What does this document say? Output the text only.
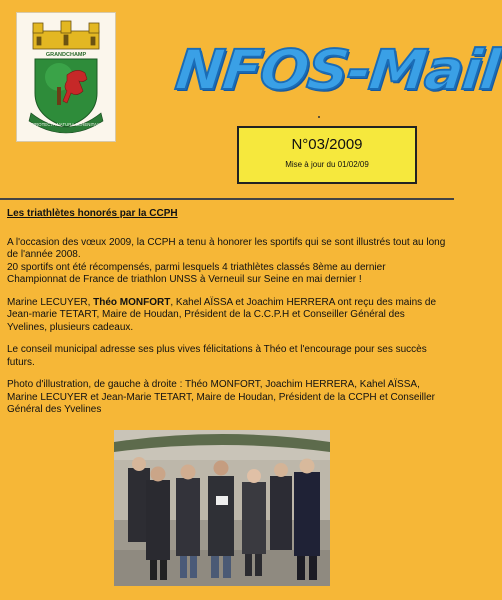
GRANDCHAMP
PROTECTA NATURA SERENITAS
NFOS-Mail
N°03/2009
Mise à jour du 01/02/09
Les triathlètes honorés par la CCPH

A l'occasion des vœux 2009, la CCPH a tenu à honorer les sportifs qui se sont illustrés tout au long de l'année 2008.
20 sportifs ont été récompensés, parmi lesquels 4 triathlètes classés 8ème au dernier Championnat de France de triathlon UNSS à Verneuil sur Seine en mai dernier !

Marine LECUYER, Théo MONFORT, Kahel AÏSSA et Joachim HERRERA ont reçu des mains de Jean-marie TETART, Maire de Houdan, Président de la C.C.P.H et Conseiller Général des Yvelines, plusieurs cadeaux.

Le conseil municipal adresse ses plus vives félicitations à Théo et l'encourage pour ses succès futurs.

Photo d'illustration, de gauche à droite : Théo MONFORT, Joachim HERRERA, Kahel AÏSSA, Marine LECUYER et Jean-Marie TETART, Maire de Houdan, Président de la CCPH et Conseiller Général des Yvelines
